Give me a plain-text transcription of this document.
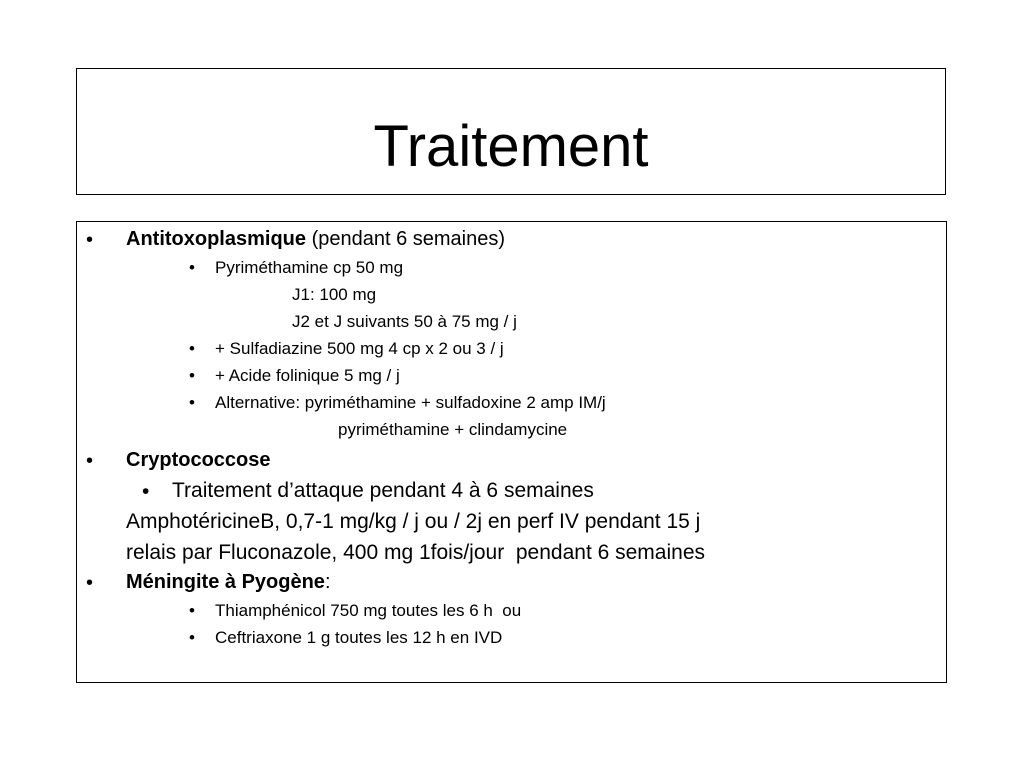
Traitement
• Antitoxoplasmique (pendant 6 semaines)
• Pyriméthamine cp 50 mg
J1: 100 mg
J2 et J suivants 50 à 75 mg / j
• + Sulfadiazine 500 mg 4 cp x 2 ou 3 / j
• + Acide folinique 5 mg / j
• Alternative: pyriméthamine + sulfadoxine 2 amp IM/j
pyriméthamine + clindamycine
• Cryptococcose
• Traitement d’attaque pendant 4 à 6 semaines
AmphotéricineB, 0,7-1 mg/kg / j ou / 2j en perf IV pendant 15 j
relais par Fluconazole, 400 mg 1fois/jour  pendant 6 semaines
• Méningite à Pyogène:
• Thiamphénicol 750 mg toutes les 6 h  ou
• Ceftriaxone 1 g toutes les 12 h en IVD
